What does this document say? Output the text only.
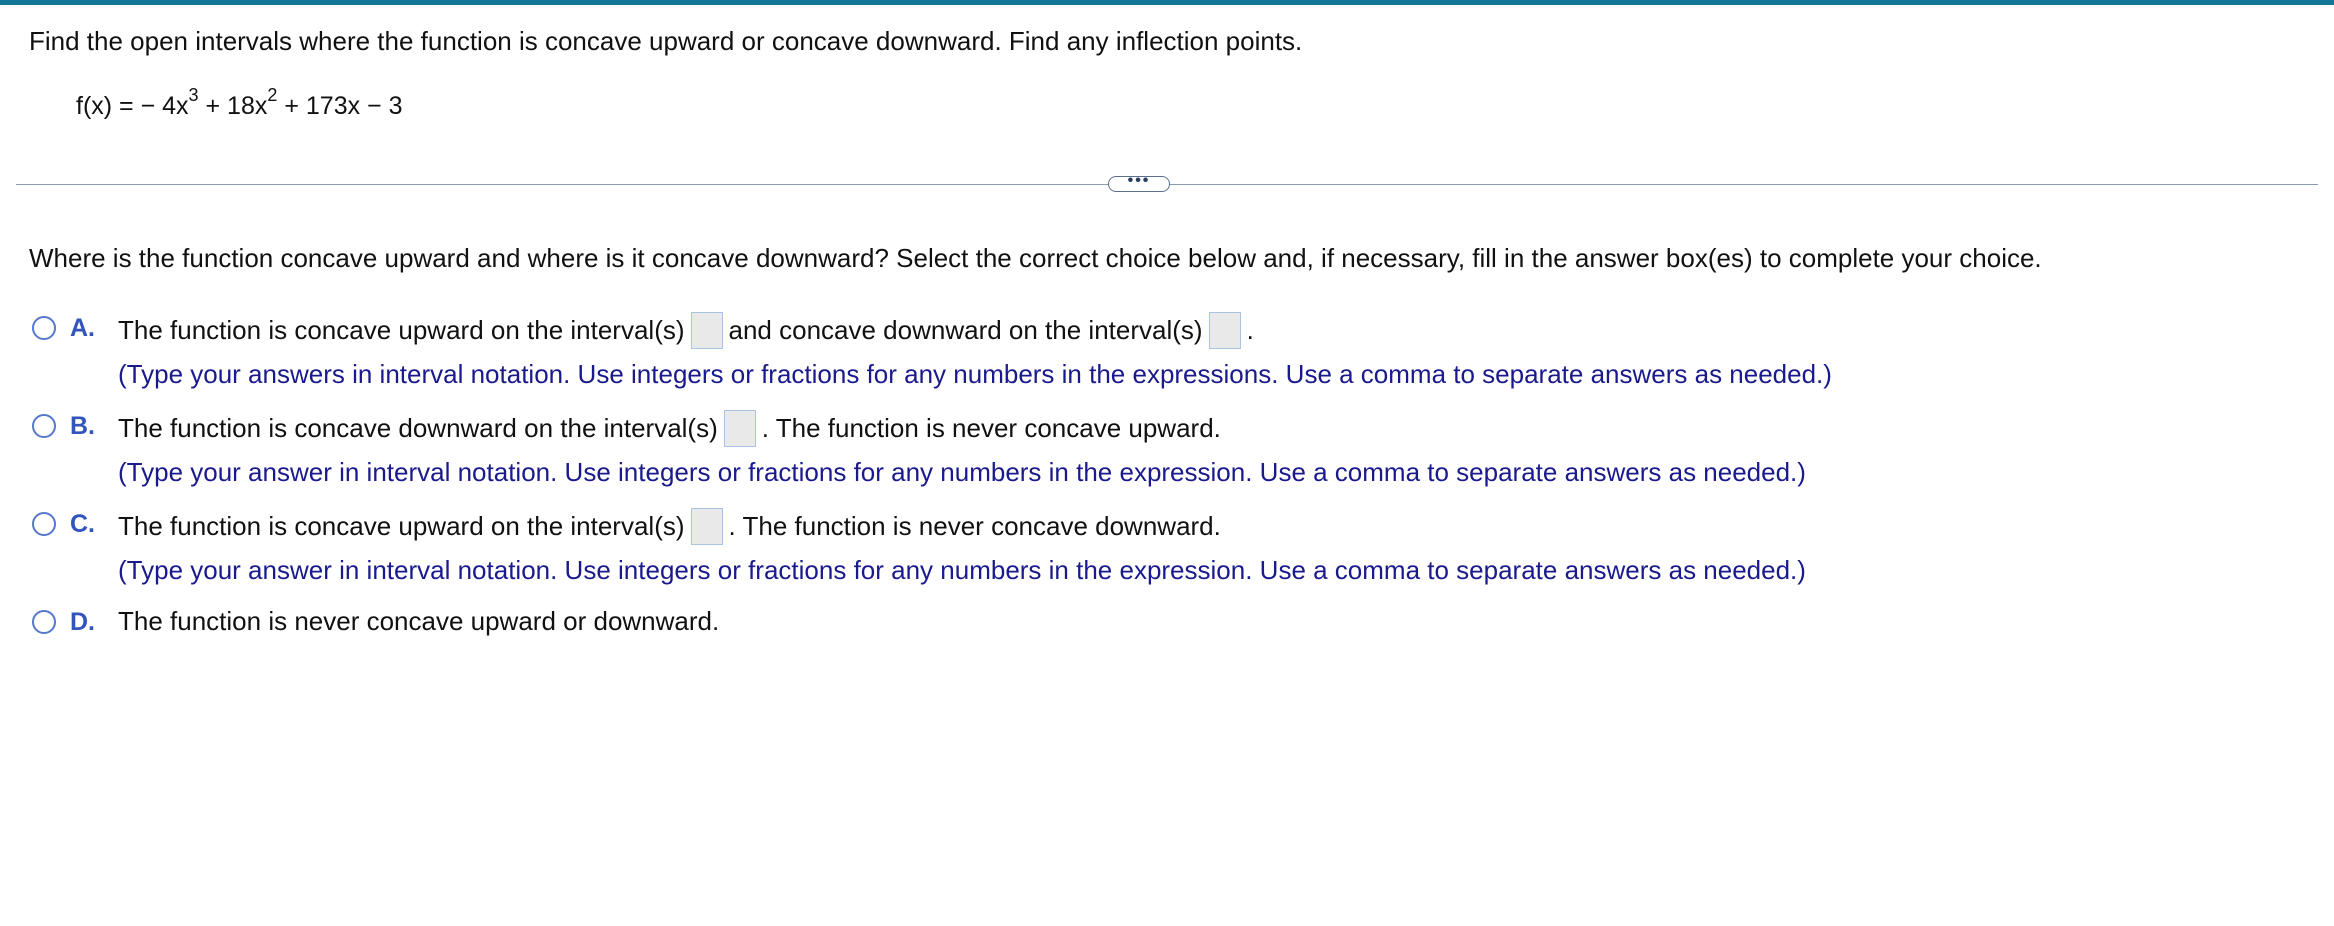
Find the open intervals where the function is concave upward or concave downward. Find any inflection points.
f(x) = − $4x^3 + 18x^2 + 173x - 3$
•••
Where is the function concave upward and where is it concave downward? Select the correct choice below and, if necessary, fill in the answer box(es) to complete your choice.
A. The function is concave upward on the interval(s) and concave downward on the interval(s) .
(Type your answers in interval notation. Use integers or fractions for any numbers in the expressions. Use a comma to separate answers as needed.)
B. The function is concave downward on the interval(s) . The function is never concave upward.
(Type your answer in interval notation. Use integers or fractions for any numbers in the expression. Use a comma to separate answers as needed.)
C. The function is concave upward on the interval(s) . The function is never concave downward.
(Type your answer in interval notation. Use integers or fractions for any numbers in the expression. Use a comma to separate answers as needed.)
D. The function is never concave upward or downward.
